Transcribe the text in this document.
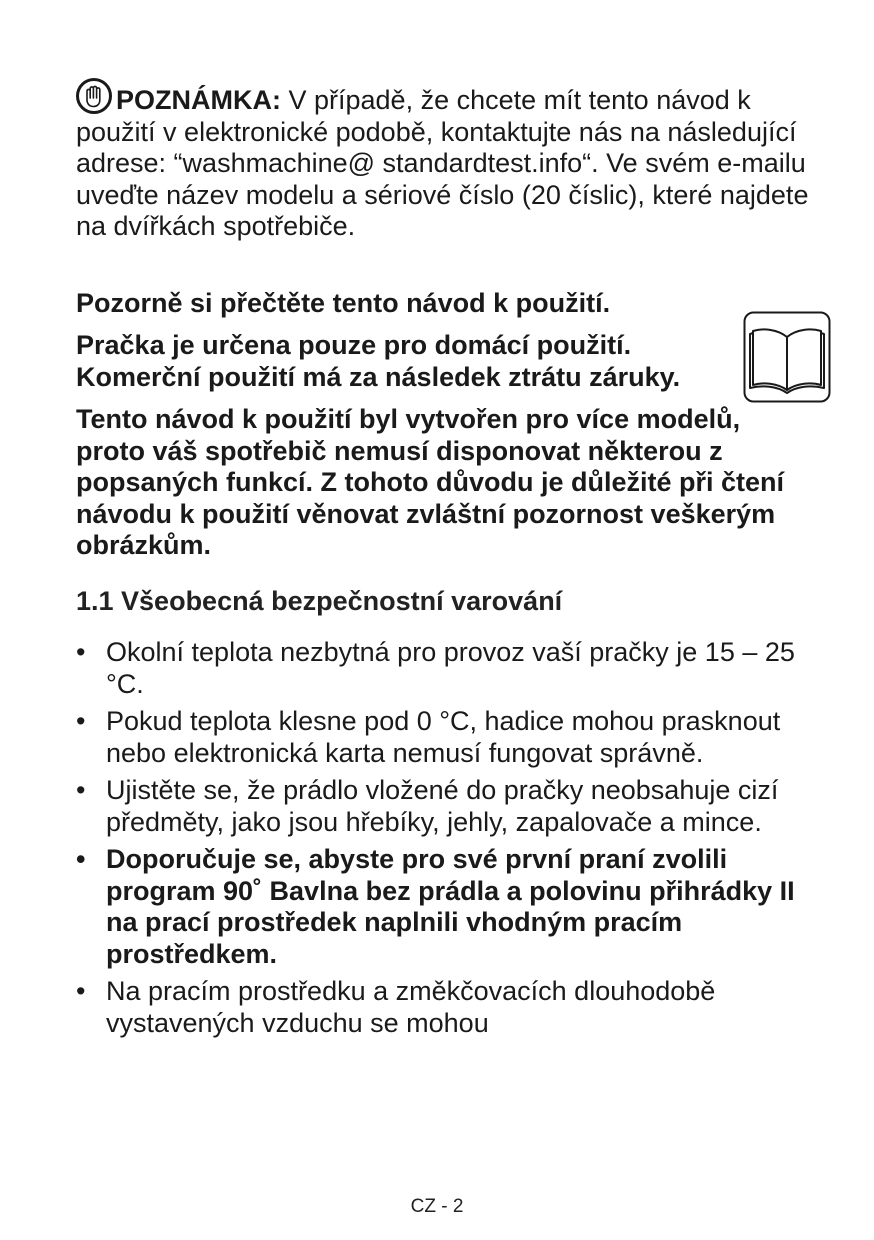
POZNÁMKA: V případě, že chcete mít tento návod k použití v elektronické podobě, kontaktujte nás na následující adrese: “washmachine@ standardtest.info“. Ve svém e-mailu uveďte název modelu a sériové číslo (20 číslic), které najdete na dvířkách spotřebiče.

Pozorně si přečtěte tento návod k použití.

Pračka je určena pouze pro domácí použití. Komerční použití má za následek ztrátu záruky.

Tento návod k použití byl vytvořen pro více modelů, proto váš spotřebič nemusí disponovat některou z popsaných funkcí. Z tohoto důvodu je důležité při čtení návodu k použití věnovat zvláštní pozornost veškerým obrázkům.

1.1 Všeobecná bezpečnostní varování
• Okolní teplota nezbytná pro provoz vaší pračky je 15 – 25 °C.
• Pokud teplota klesne pod 0 °C, hadice mohou prasknout nebo elektronická karta nemusí fungovat správně.
• Ujistěte se, že prádlo vložené do pračky neobsahuje cizí předměty, jako jsou hřebíky, jehly, zapalovače a mince.
• Doporučuje se, abyste pro své první praní zvolili program 90˚ Bavlna bez prádla a polovinu přihrádky II na prací prostředek naplnili vhodným pracím prostředkem.
• Na pracím prostředku a změkčovacích dlouhodobě vystavených vzduchu se mohou
CZ - 2
